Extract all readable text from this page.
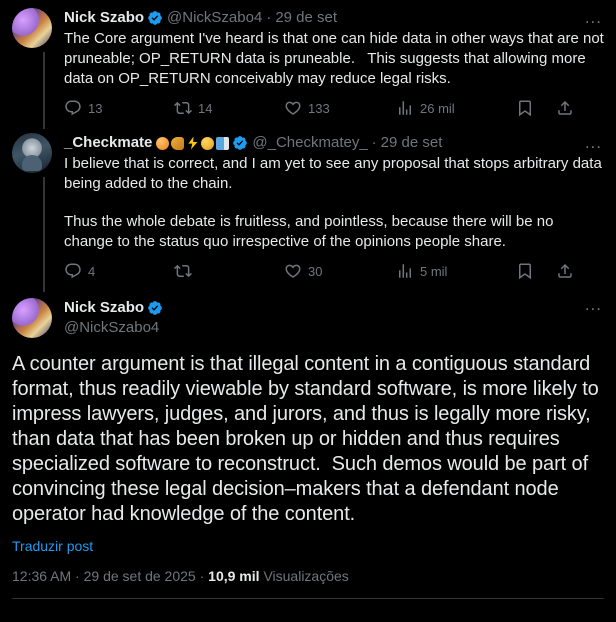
Nick Szabo @NickSzabo4 · 29 de set	...
The Core argument I've heard is that one can hide data in other ways that are not pruneable; OP_RETURN data is pruneable.   This suggests that allowing more data on OP_RETURN conceivably may reduce legal risks.
13	14	133	26 mil
_Checkmate	@_Checkmatey_ · 29 de set	...
I believe that is correct, and I am yet to see any proposal that stops arbitrary data being added to the chain.
Thus the whole debate is fruitless, and pointless, because there will be no change to the status quo irrespective of the opinions people share.
4	30	5 mil
Nick Szabo
@NickSzabo4
...
A counter argument is that illegal content in a contiguous standard format, thus readily viewable by standard software, is more likely to impress lawyers, judges, and jurors, and thus is legally more risky, than data that has been broken up or hidden and thus requires specialized software to reconstruct.  Such demos would be part of convincing these legal decision–makers that a defendant node operator had knowledge of the content.
Traduzir post
12:36 AM · 29 de set de 2025 · 10,9 mil Visualizações
